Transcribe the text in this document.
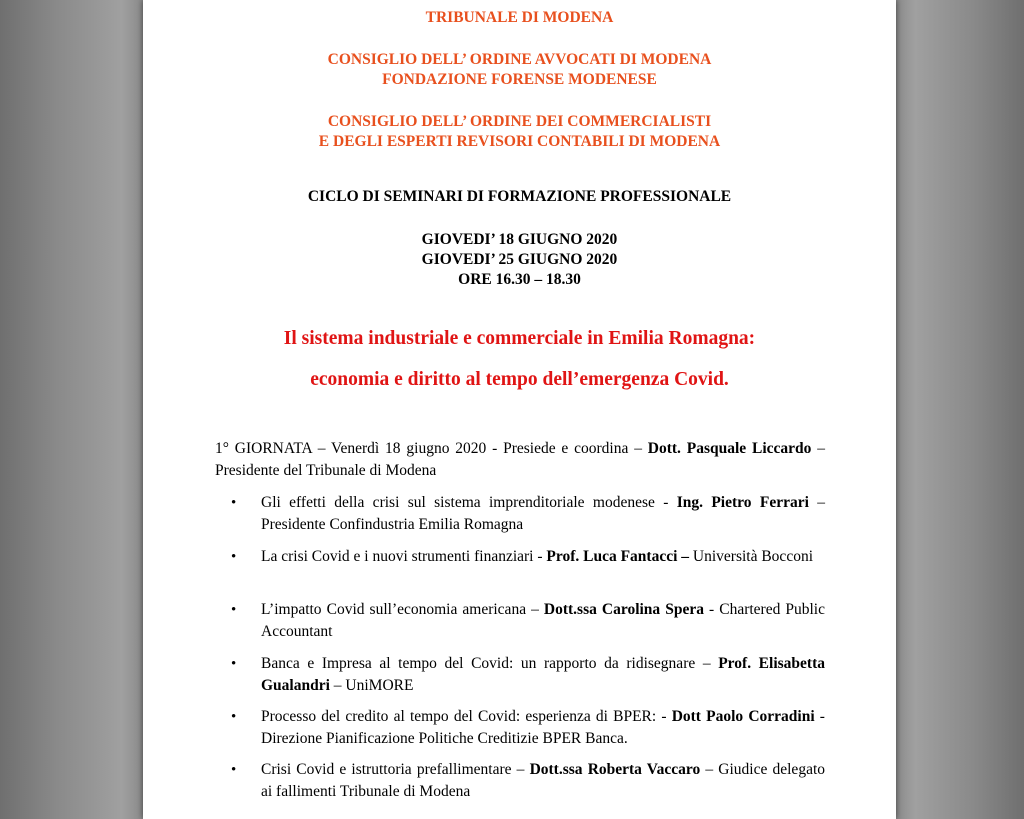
TRIBUNALE DI MODENA
CONSIGLIO DELL’ ORDINE AVVOCATI DI MODENA
FONDAZIONE FORENSE MODENESE
CONSIGLIO DELL’ ORDINE DEI COMMERCIALISTI
E DEGLI ESPERTI REVISORI CONTABILI DI MODENA
CICLO DI SEMINARI DI FORMAZIONE PROFESSIONALE
GIOVEDI’ 18 GIUGNO 2020
GIOVEDI’ 25 GIUGNO 2020
ORE 16.30 – 18.30
Il sistema industriale e commerciale in Emilia Romagna:
economia e diritto al tempo dell’emergenza Covid.
1° GIORNATA – Venerdì 18 giugno 2020 - Presiede e coordina – Dott. Pasquale Liccardo – Presidente del Tribunale di Modena
• Gli effetti della crisi sul sistema imprenditoriale modenese - Ing. Pietro Ferrari – Presidente Confindustria Emilia Romagna
• La crisi Covid e i nuovi strumenti finanziari - Prof. Luca Fantacci – Università Bocconi
• L’impatto Covid sull’economia americana – Dott.ssa Carolina Spera - Chartered Public Accountant
• Banca e Impresa al tempo del Covid: un rapporto da ridisegnare – Prof. Elisabetta Gualandri – UniMORE
• Processo del credito al tempo del Covid: esperienza di BPER: - Dott Paolo Corradini - Direzione Pianificazione Politiche Creditizie BPER Banca.
• Crisi Covid e istruttoria prefallimentare – Dott.ssa Roberta Vaccaro – Giudice delegato ai fallimenti Tribunale di Modena
